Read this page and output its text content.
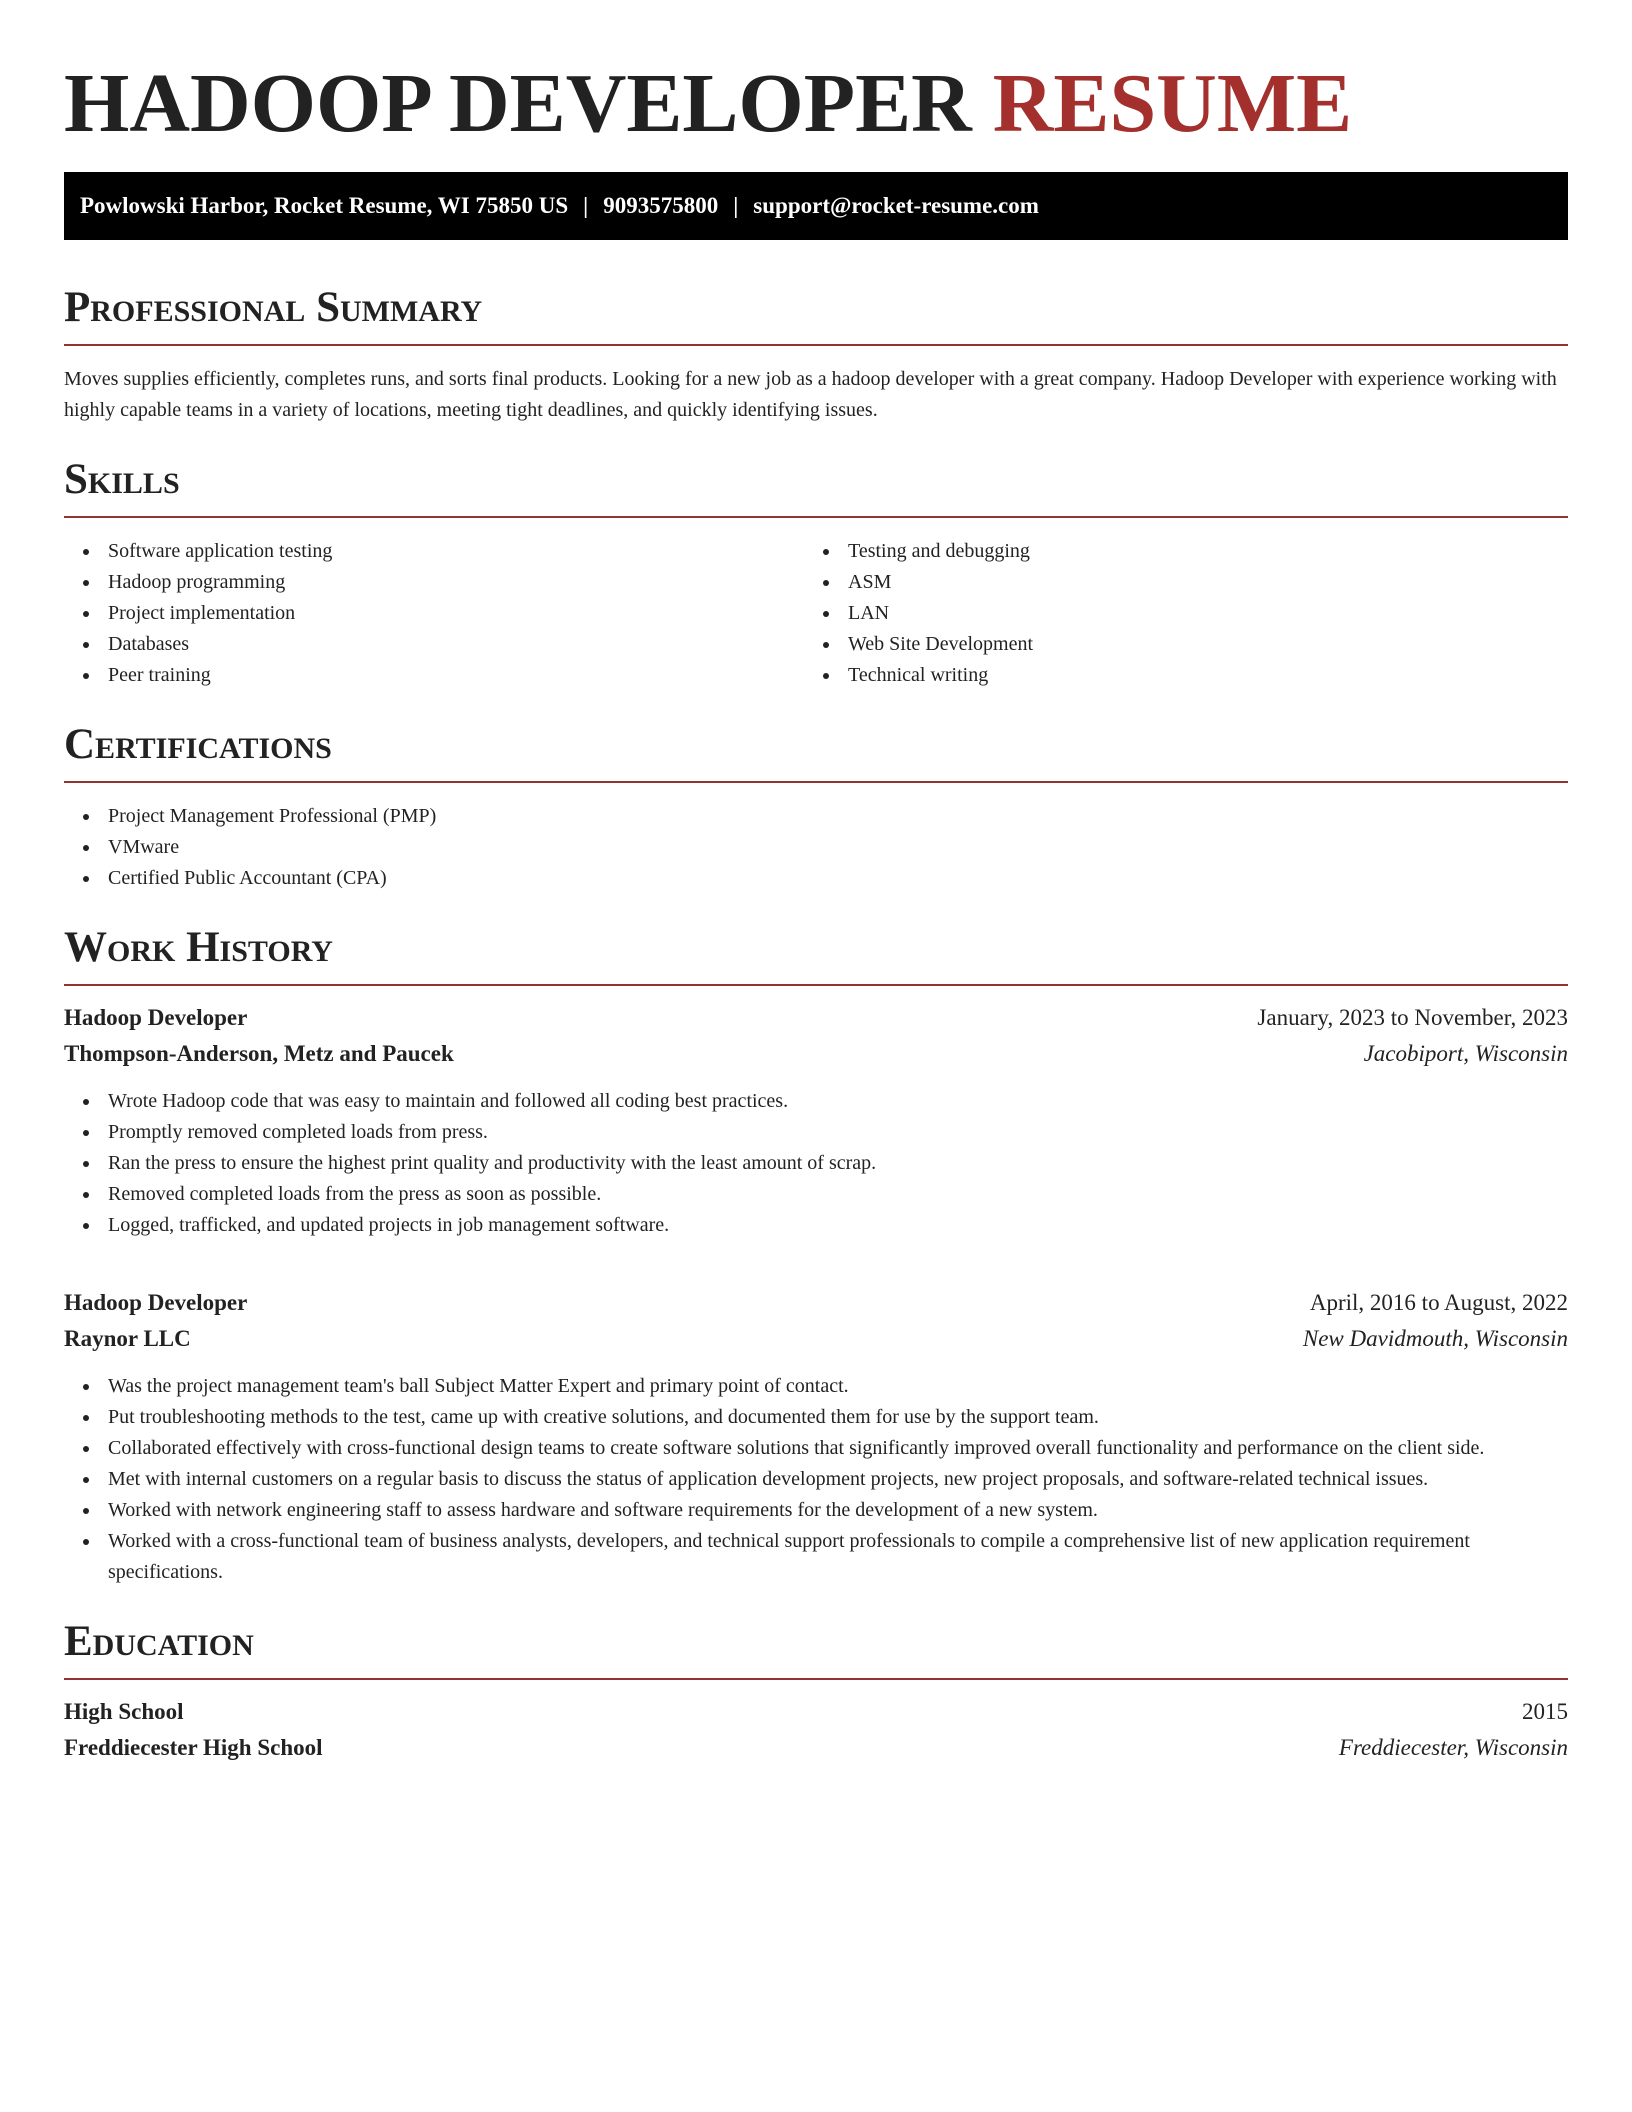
HADOOP DEVELOPER RESUME
Powlowski Harbor, Rocket Resume, WI 75850 US | 9093575800 | support@rocket-resume.com
Professional Summary

Moves supplies efficiently, completes runs, and sorts final products. Looking for a new job as a hadoop developer with a great company. Hadoop Developer with experience working with highly capable teams in a variety of locations, meeting tight deadlines, and quickly identifying issues.

Skills
Software application testing
Hadoop programming
Project implementation
Databases
Peer training
Testing and debugging
ASM
LAN
Web Site Development
Technical writing
Certifications
Project Management Professional (PMP)
VMware
Certified Public Accountant (CPA)
Work History
Hadoop Developer	January, 2023 to November, 2023
Thompson-Anderson, Metz and Paucek	Jacobiport, Wisconsin
Wrote Hadoop code that was easy to maintain and followed all coding best practices.
Promptly removed completed loads from press.
Ran the press to ensure the highest print quality and productivity with the least amount of scrap.
Removed completed loads from the press as soon as possible.
Logged, trafficked, and updated projects in job management software.
Hadoop Developer	April, 2016 to August, 2022
Raynor LLC	New Davidmouth, Wisconsin
Was the project management team's ball Subject Matter Expert and primary point of contact.
Put troubleshooting methods to the test, came up with creative solutions, and documented them for use by the support team.
Collaborated effectively with cross-functional design teams to create software solutions that significantly improved overall functionality and performance on the client side.
Met with internal customers on a regular basis to discuss the status of application development projects, new project proposals, and software-related technical issues.
Worked with network engineering staff to assess hardware and software requirements for the development of a new system.
Worked with a cross-functional team of business analysts, developers, and technical support professionals to compile a comprehensive list of new application requirement specifications.
Education
High School	2015
Freddiecester High School	Freddiecester, Wisconsin
